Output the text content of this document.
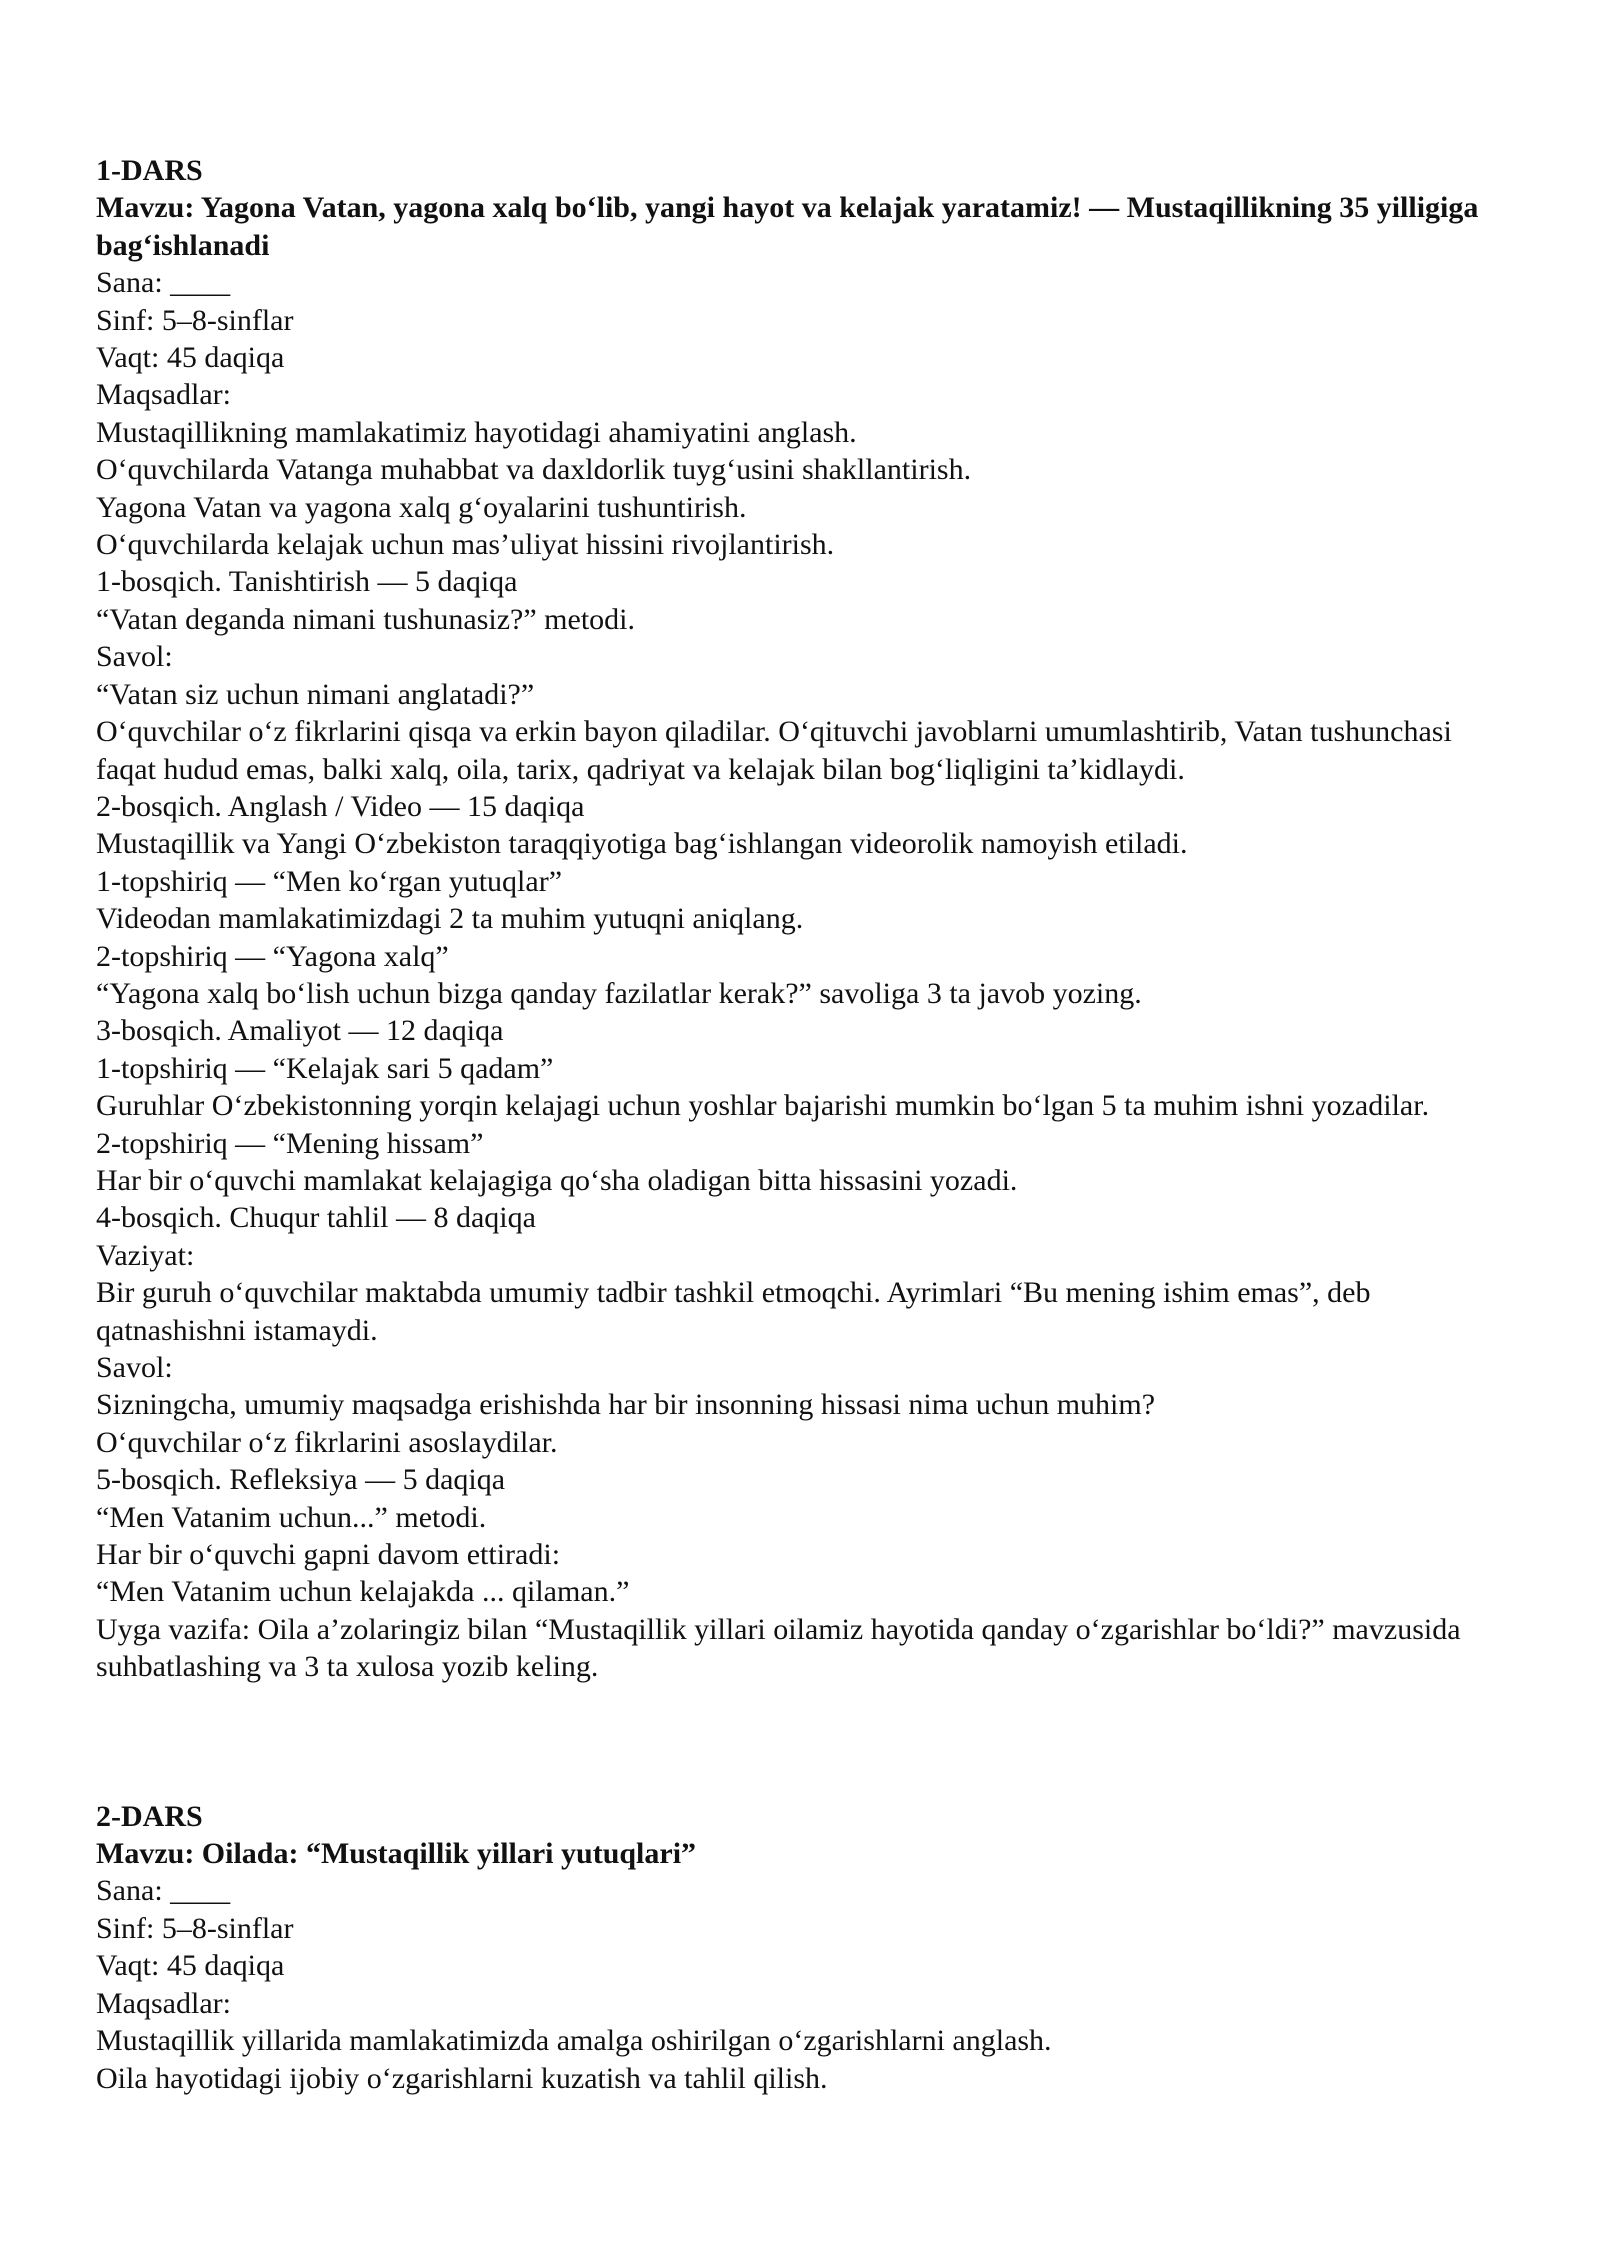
1-DARS
Mavzu: Yagona Vatan, yagona xalq bo‘lib, yangi hayot va kelajak yaratamiz! — Mustaqillikning 35 yilligiga bag‘ishlanadi
Sana: ____
Sinf: 5–8-sinflar
Vaqt: 45 daqiqa
Maqsadlar:
Mustaqillikning mamlakatimiz hayotidagi ahamiyatini anglash.
O‘quvchilarda Vatanga muhabbat va daxldorlik tuyg‘usini shakllantirish.
Yagona Vatan va yagona xalq g‘oyalarini tushuntirish.
O‘quvchilarda kelajak uchun mas’uliyat hissini rivojlantirish.
1-bosqich. Tanishtirish — 5 daqiqa
“Vatan deganda nimani tushunasiz?” metodi.
Savol:
“Vatan siz uchun nimani anglatadi?”
O‘quvchilar o‘z fikrlarini qisqa va erkin bayon qiladilar. O‘qituvchi javoblarni umumlashtirib, Vatan tushunchasi faqat hudud emas, balki xalq, oila, tarix, qadriyat va kelajak bilan bog‘liqligini ta’kidlaydi.
2-bosqich. Anglash / Video — 15 daqiqa
Mustaqillik va Yangi O‘zbekiston taraqqiyotiga bag‘ishlangan videorolik namoyish etiladi.
1-topshiriq — “Men ko‘rgan yutuqlar”
Videodan mamlakatimizdagi 2 ta muhim yutuqni aniqlang.
2-topshiriq — “Yagona xalq”
“Yagona xalq bo‘lish uchun bizga qanday fazilatlar kerak?” savoliga 3 ta javob yozing.
3-bosqich. Amaliyot — 12 daqiqa
1-topshiriq — “Kelajak sari 5 qadam”
Guruhlar O‘zbekistonning yorqin kelajagi uchun yoshlar bajarishi mumkin bo‘lgan 5 ta muhim ishni yozadilar.
2-topshiriq — “Mening hissam”
Har bir o‘quvchi mamlakat kelajagiga qo‘sha oladigan bitta hissasini yozadi.
4-bosqich. Chuqur tahlil — 8 daqiqa
Vaziyat:
Bir guruh o‘quvchilar maktabda umumiy tadbir tashkil etmoqchi. Ayrimlari “Bu mening ishim emas”, deb qatnashishni istamaydi.
Savol:
Sizningcha, umumiy maqsadga erishishda har bir insonning hissasi nima uchun muhim?
O‘quvchilar o‘z fikrlarini asoslaydilar.
5-bosqich. Refleksiya — 5 daqiqa
“Men Vatanim uchun...” metodi.
Har bir o‘quvchi gapni davom ettiradi:
“Men Vatanim uchun kelajakda ... qilaman.”
Uyga vazifa: Oila a’zolaringiz bilan “Mustaqillik yillari oilamiz hayotida qanday o‘zgarishlar bo‘ldi?” mavzusida suhbatlashing va 3 ta xulosa yozib keling.
2-DARS
Mavzu: Oilada: “Mustaqillik yillari yutuqlari”
Sana: ____
Sinf: 5–8-sinflar
Vaqt: 45 daqiqa
Maqsadlar:
Mustaqillik yillarida mamlakatimizda amalga oshirilgan o‘zgarishlarni anglash.
Oila hayotidagi ijobiy o‘zgarishlarni kuzatish va tahlil qilish.
